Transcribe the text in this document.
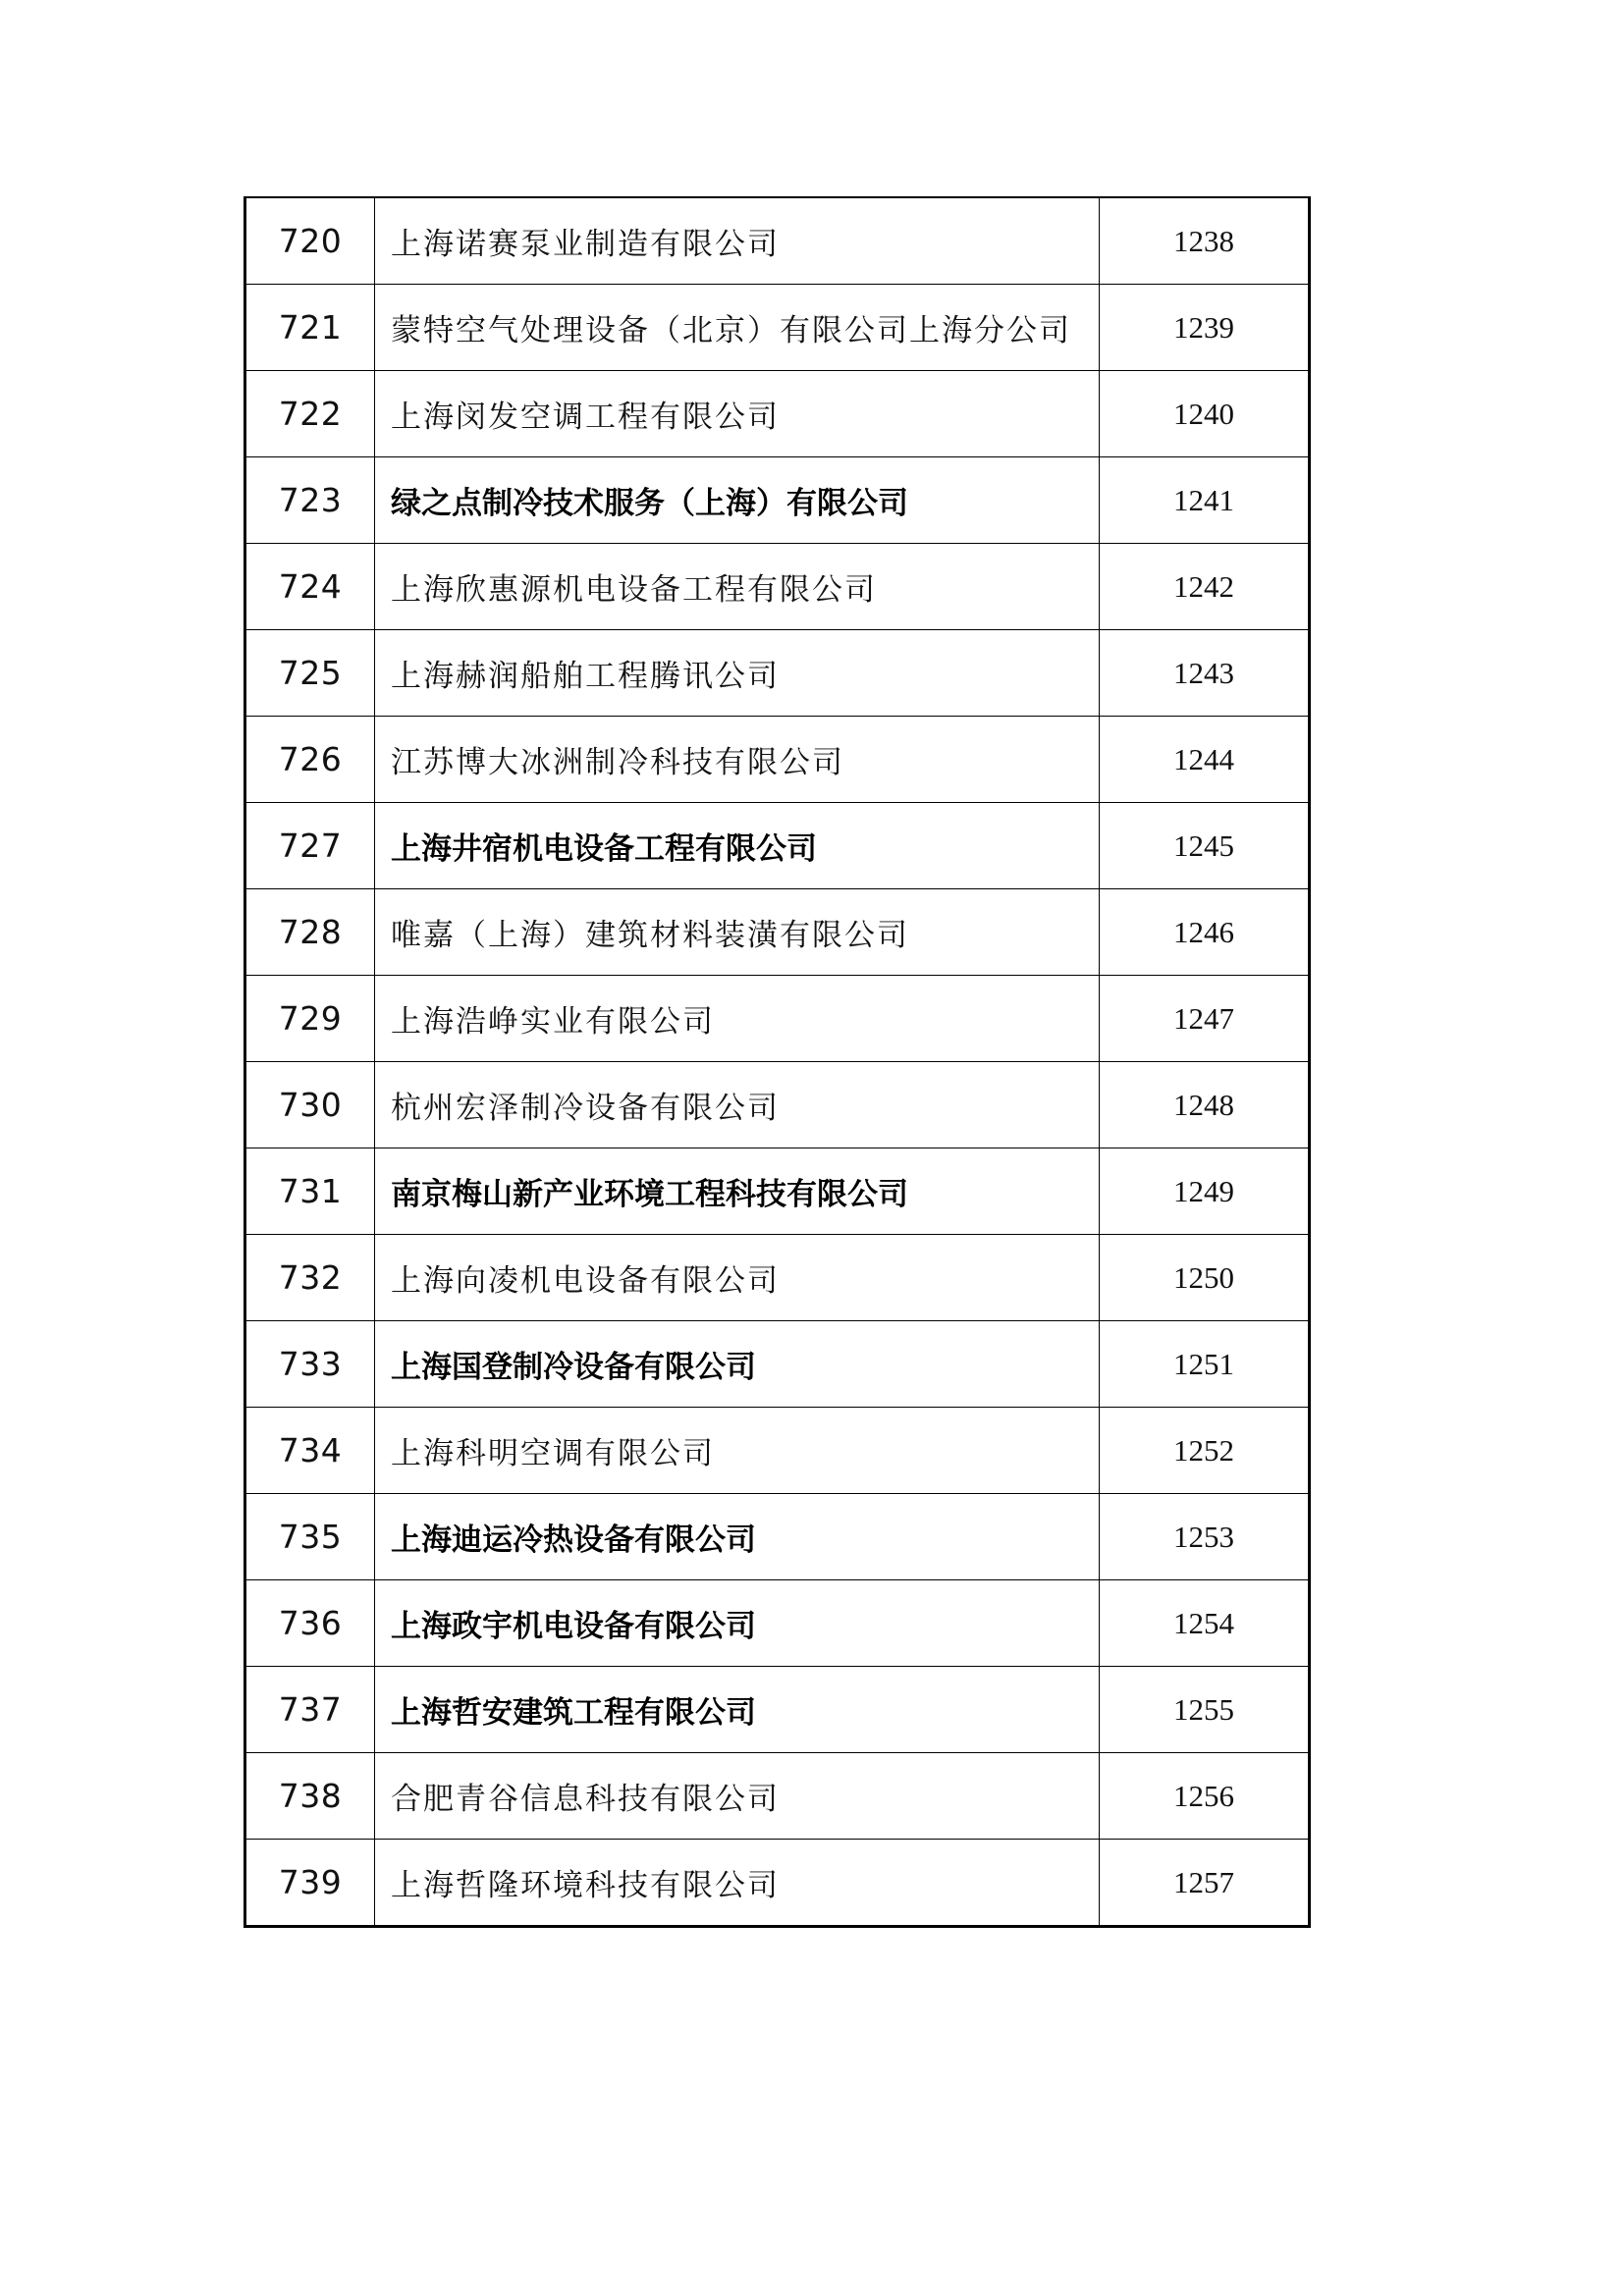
720	上海诺赛泵业制造有限公司	1238
721	蒙特空气处理设备（北京）有限公司上海分公司	1239
722	上海闵发空调工程有限公司	1240
723	绿之点制冷技术服务（上海）有限公司	1241
724	上海欣惠源机电设备工程有限公司	1242
725	上海赫润船舶工程腾讯公司	1243
726	江苏博大冰洲制冷科技有限公司	1244
727	上海井宿机电设备工程有限公司	1245
728	唯嘉（上海）建筑材料装潢有限公司	1246
729	上海浩峥实业有限公司	1247
730	杭州宏泽制冷设备有限公司	1248
731	南京梅山新产业环境工程科技有限公司	1249
732	上海向凌机电设备有限公司	1250
733	上海国登制冷设备有限公司	1251
734	上海科明空调有限公司	1252
735	上海迪运冷热设备有限公司	1253
736	上海政宇机电设备有限公司	1254
737	上海哲安建筑工程有限公司	1255
738	合肥青谷信息科技有限公司	1256
739	上海哲隆环境科技有限公司	1257
